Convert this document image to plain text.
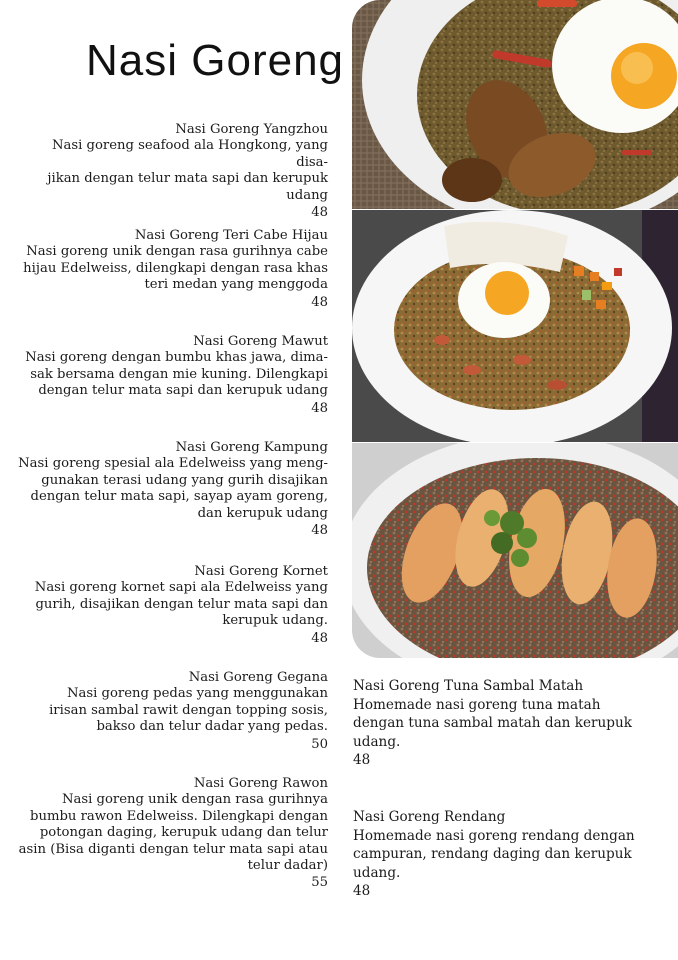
Nasi Goreng
Nasi Goreng Yangzhou
Nasi goreng seafood ala Hongkong, yang disa-
jikan dengan telur mata sapi dan kerupuk
udang
48
Nasi Goreng Teri Cabe Hijau
Nasi goreng unik dengan rasa gurihnya cabe
hijau Edelweiss, dilengkapi dengan rasa khas
teri medan yang menggoda
48
Nasi Goreng Mawut
Nasi goreng dengan bumbu khas jawa, dima-
sak bersama dengan mie kuning. Dilengkapi
dengan telur mata sapi dan kerupuk udang
48
Nasi Goreng Kampung
Nasi goreng spesial ala Edelweiss yang meng-
gunakan terasi udang yang gurih disajikan
dengan telur mata sapi, sayap ayam goreng,
dan kerupuk udang
48
Nasi Goreng Kornet
Nasi goreng kornet sapi ala Edelweiss yang
gurih, disajikan dengan telur mata sapi dan
kerupuk udang.
48
Nasi Goreng Gegana
Nasi goreng pedas yang menggunakan
irisan sambal rawit dengan topping sosis,
bakso dan telur dadar yang pedas.
50
Nasi Goreng Rawon
Nasi goreng unik dengan rasa gurihnya
bumbu rawon Edelweiss. Dilengkapi dengan
potongan daging, kerupuk udang dan telur
asin (Bisa diganti dengan telur mata sapi atau
telur dadar)
55
Nasi Goreng Tuna Sambal Matah
Homemade nasi goreng tuna matah
dengan tuna sambal matah dan kerupuk
udang.
48
Nasi Goreng Rendang
Homemade nasi goreng rendang dengan
campuran, rendang daging dan kerupuk
udang.
48
